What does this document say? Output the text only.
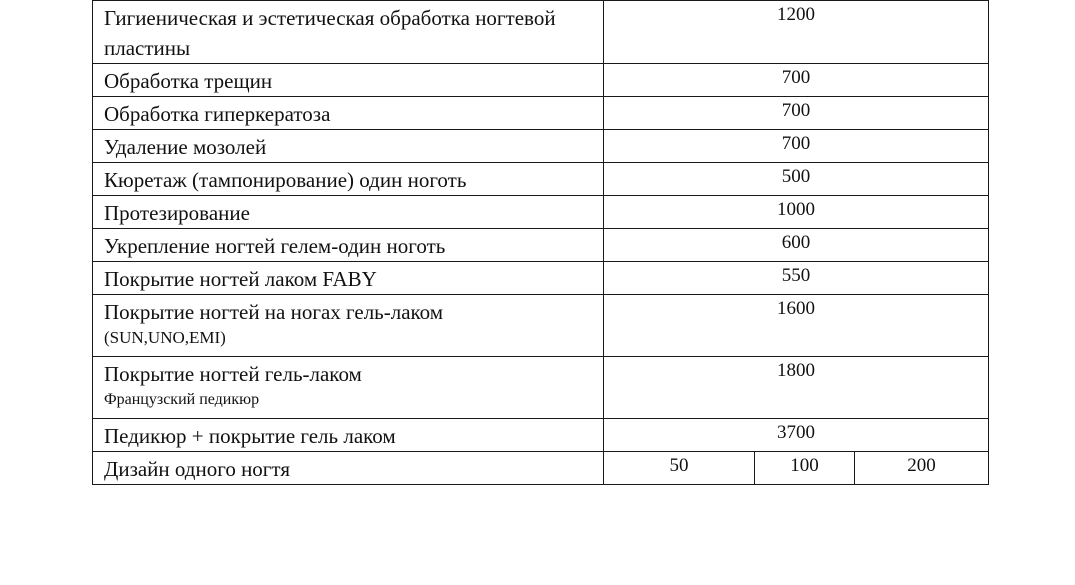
Гигиеническая и эстетическая обработка ногтевой пластины	1200		
Обработка трещин	700		
Обработка гиперкератоза	700		
Удаление мозолей	700		
Кюретаж (тампонирование) один ноготь	500		
Протезирование	1000		
Укрепление ногтей гелем-один ноготь	600		
Покрытие ногтей лаком FABY	550		
Покрытие ногтей на ногах гель-лаком
(SUN,UNO,EMI)	1600		
Покрытие ногтей гель-лаком
Французский педикюр	1800		
Педикюр + покрытие гель лаком	3700		
Дизайн одного ногтя	50	100	200
